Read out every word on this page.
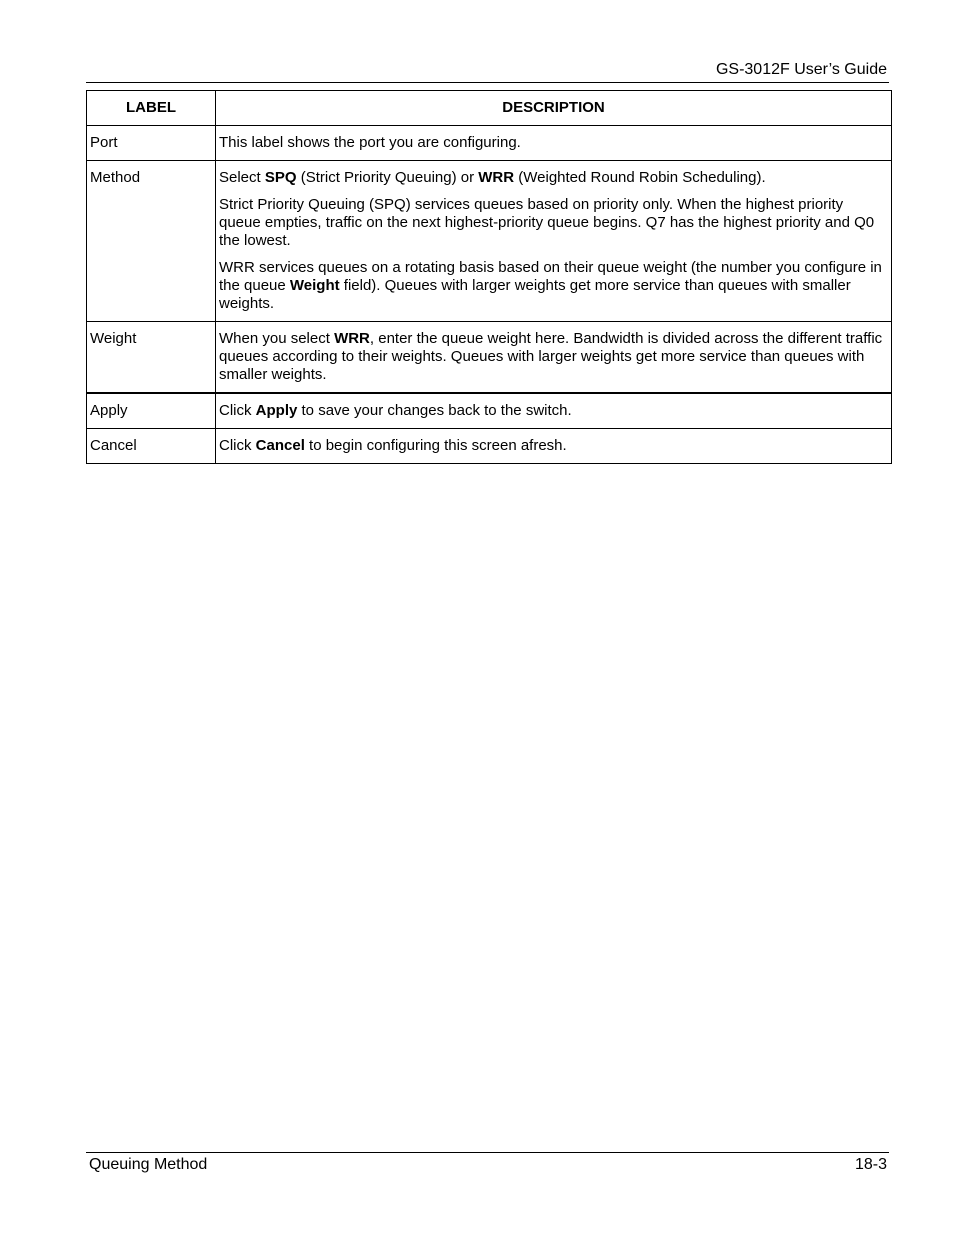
GS-3012F User’s Guide
LABEL	DESCRIPTION
Port	This label shows the port you are configuring.
Method	Select SPQ (Strict Priority Queuing) or WRR (Weighted Round Robin Scheduling).

Strict Priority Queuing (SPQ) services queues based on priority only. When the highest priority queue empties, traffic on the next highest-priority queue begins. Q7 has the highest priority and Q0 the lowest.

WRR services queues on a rotating basis based on their queue weight (the number you configure in the queue Weight field). Queues with larger weights get more service than queues with smaller weights.

Weight	When you select WRR, enter the queue weight here. Bandwidth is divided across the different traffic queues according to their weights. Queues with larger weights get more service than queues with smaller weights.
Apply	Click Apply to save your changes back to the switch.
Cancel	Click Cancel to begin configuring this screen afresh.
Queuing Method	18-3
